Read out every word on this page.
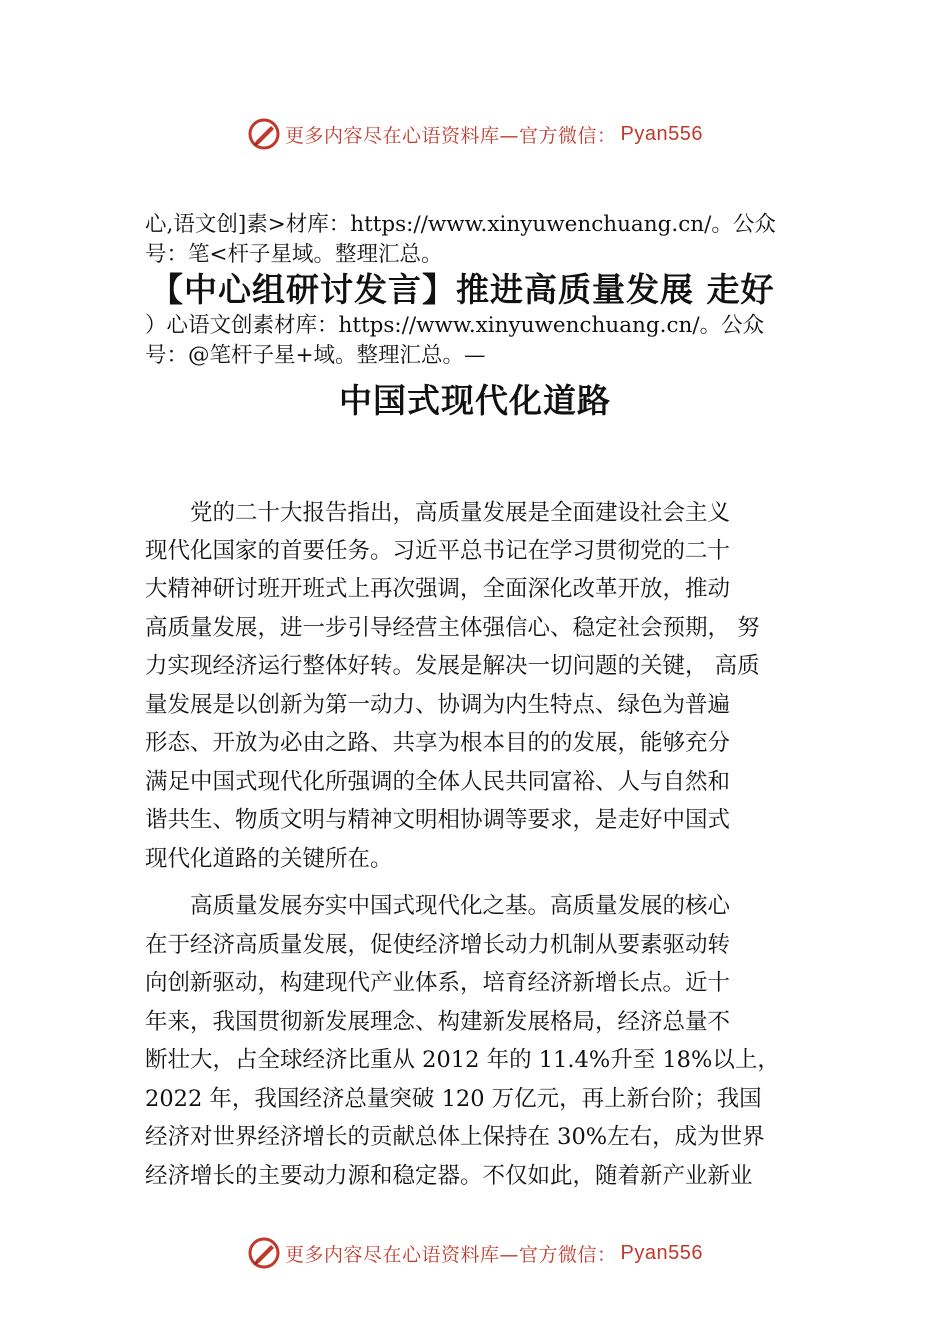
更多内容尽在心语资料库—官方微信： Pyan556
心,语文创]素>材库：https://www.xinyuwenchuang.cn/。公众
号：笔<杆子星域。整理汇总。
【中心组研讨发言】推进高质量发展 走好
）心语文创素材库：https://www.xinyuwenchuang.cn/。公众
号：@笔杆子星+域。整理汇总。—
中国式现代化道路
　　党的二十大报告指出，高质量发展是全面建设社会主义
现代化国家的首要任务。习近平总书记在学习贯彻党的二十
大精神研讨班开班式上再次强调，全面深化改革开放，推动
高质量发展，进一步引导经营主体强信心、稳定社会预期， 努
力实现经济运行整体好转。发展是解决一切问题的关键， 高质
量发展是以创新为第一动力、协调为内生特点、绿色为普遍
形态、开放为必由之路、共享为根本目的的发展，能够充分
满足中国式现代化所强调的全体人民共同富裕、人与自然和
谐共生、物质文明与精神文明相协调等要求，是走好中国式
现代化道路的关键所在。
　　高质量发展夯实中国式现代化之基。高质量发展的核心
在于经济高质量发展，促使经济增长动力机制从要素驱动转
向创新驱动，构建现代产业体系，培育经济新增长点。近十
年来，我国贯彻新发展理念、构建新发展格局，经济总量不
断壮大，占全球经济比重从 2012 年的 11.4%升至 18%以上，
2022 年，我国经济总量突破 120 万亿元，再上新台阶；我国
经济对世界经济增长的贡献总体上保持在 30%左右，成为世界
经济增长的主要动力源和稳定器。不仅如此，随着新产业新业
更多内容尽在心语资料库—官方微信： Pyan556
